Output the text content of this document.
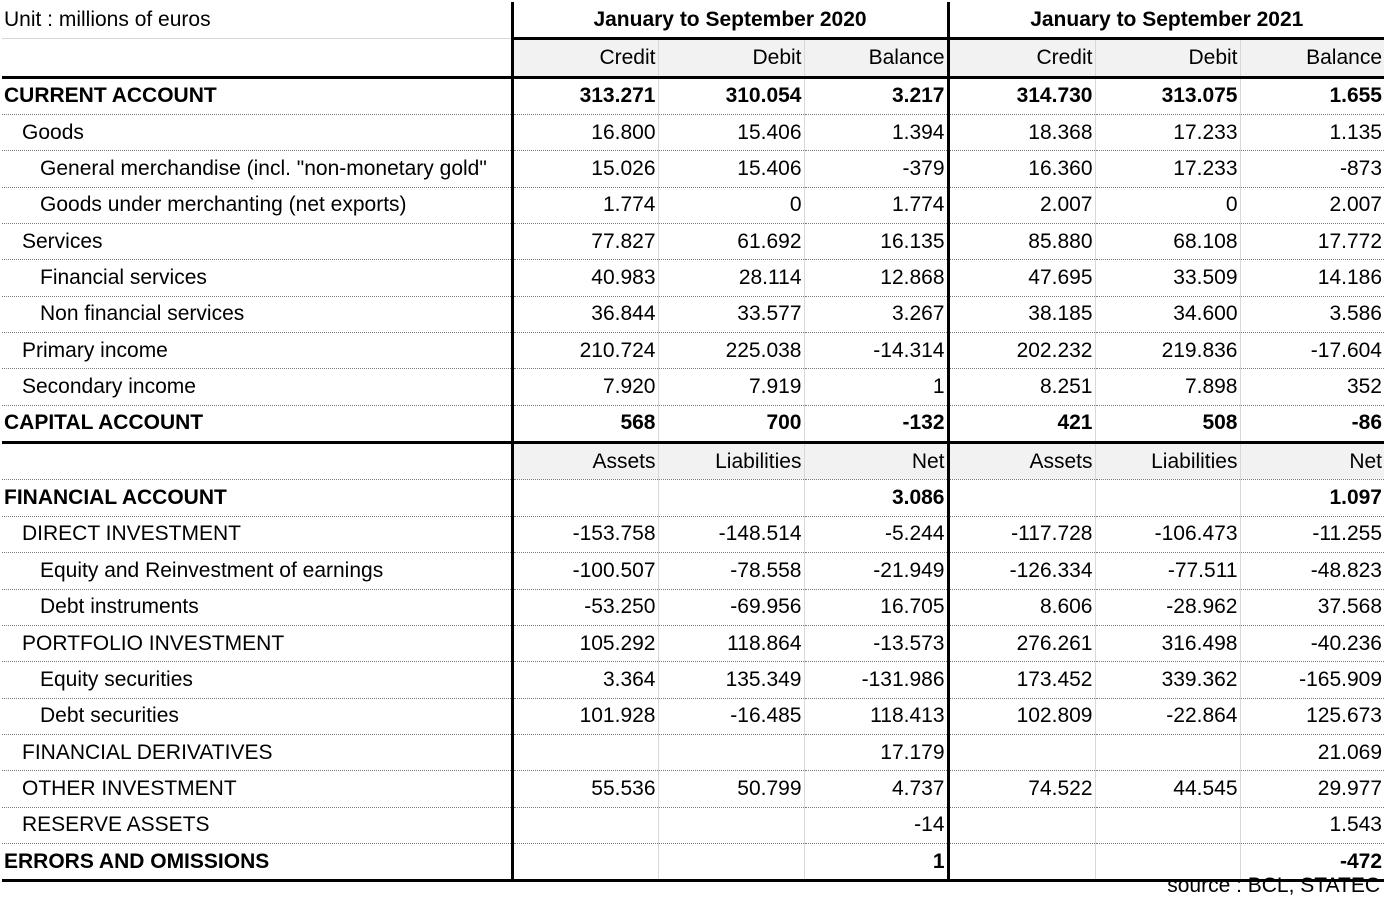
Unit : millions of euros	January to September 2020			January to September 2021		
	Credit	Debit	Balance	Credit	Debit	Balance
CURRENT ACCOUNT	313.271	310.054	3.217	314.730	313.075	1.655
Goods	16.800	15.406	1.394	18.368	17.233	1.135
General merchandise (incl. "non-monetary gold"	15.026	15.406	-379	16.360	17.233	-873
Goods under merchanting (net exports)	1.774	0	1.774	2.007	0	2.007
Services	77.827	61.692	16.135	85.880	68.108	17.772
Financial services	40.983	28.114	12.868	47.695	33.509	14.186
Non financial services	36.844	33.577	3.267	38.185	34.600	3.586
Primary income	210.724	225.038	-14.314	202.232	219.836	-17.604
Secondary income	7.920	7.919	1	8.251	7.898	352
CAPITAL ACCOUNT	568	700	-132	421	508	-86
	Assets	Liabilities	Net	Assets	Liabilities	Net
FINANCIAL ACCOUNT			3.086			1.097
DIRECT INVESTMENT	-153.758	-148.514	-5.244	-117.728	-106.473	-11.255
Equity and Reinvestment of earnings	-100.507	-78.558	-21.949	-126.334	-77.511	-48.823
Debt instruments	-53.250	-69.956	16.705	8.606	-28.962	37.568
PORTFOLIO INVESTMENT	105.292	118.864	-13.573	276.261	316.498	-40.236
Equity securities	3.364	135.349	-131.986	173.452	339.362	-165.909
Debt securities	101.928	-16.485	118.413	102.809	-22.864	125.673
FINANCIAL DERIVATIVES			17.179			21.069
OTHER INVESTMENT	55.536	50.799	4.737	74.522	44.545	29.977
RESERVE ASSETS			-14			1.543
ERRORS AND OMISSIONS			1			-472
source : BCL, STATEC
